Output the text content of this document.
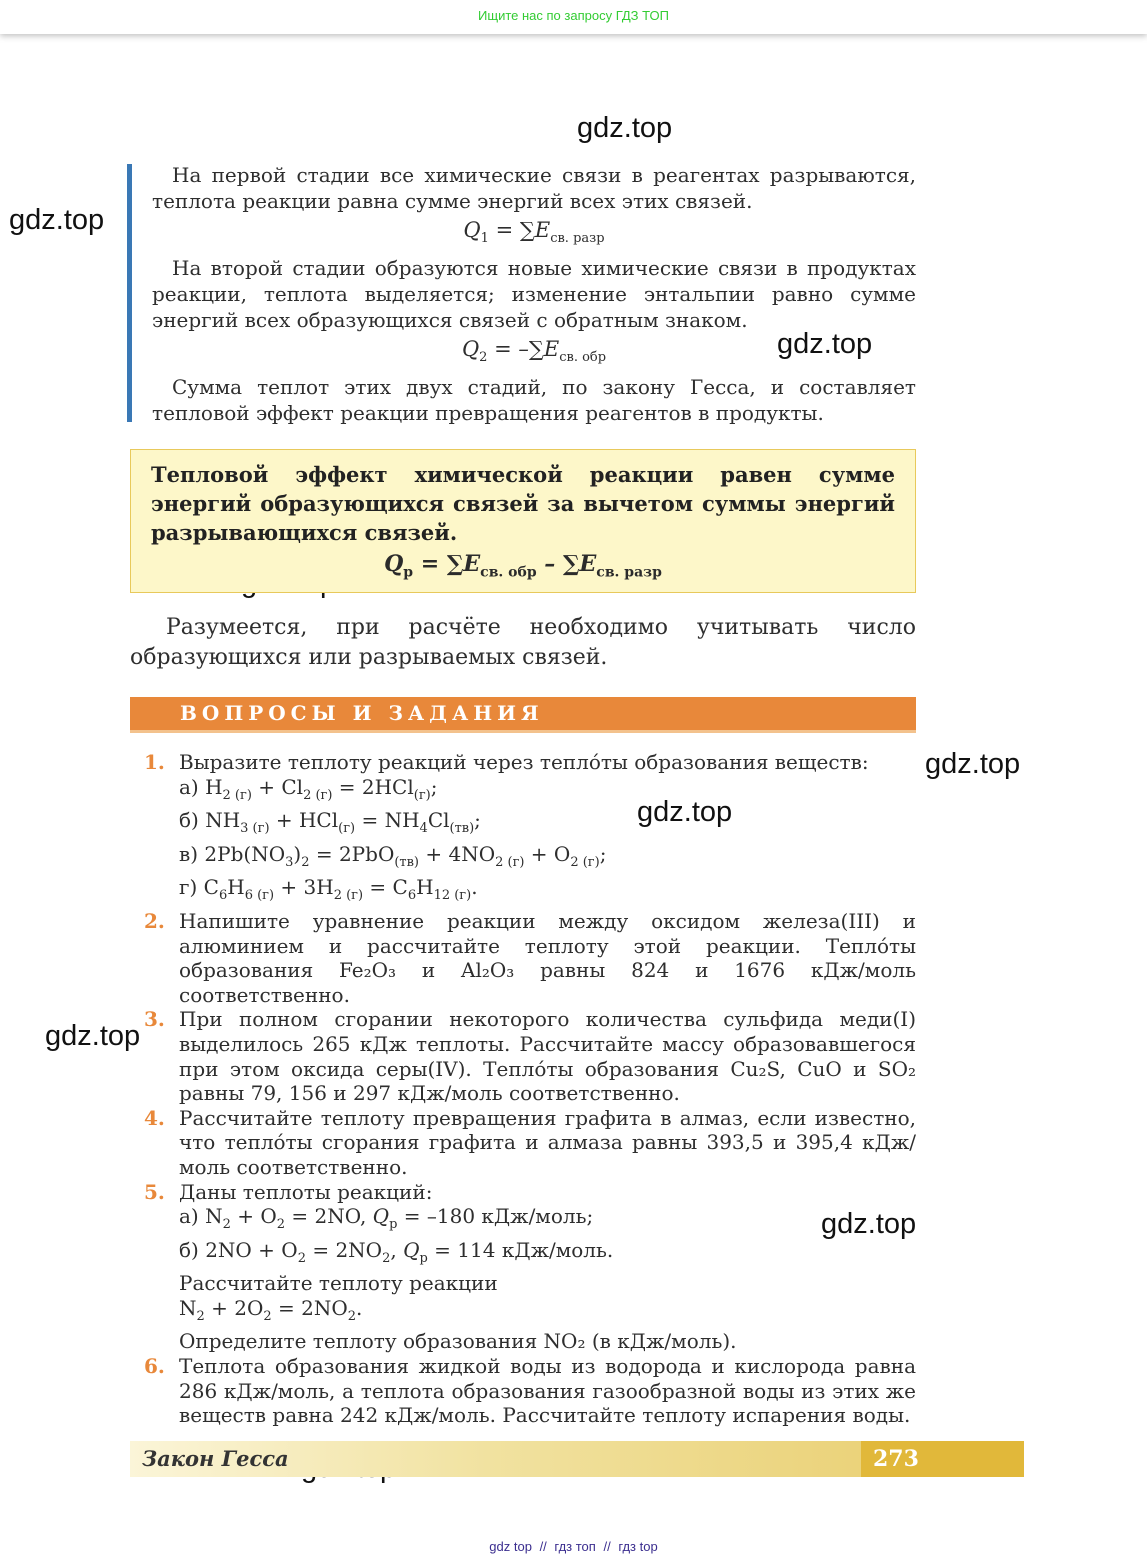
Ищите нас по запросу ГДЗ ТОП
gdz.top
gdz.top
gdz.top
gdz.top
gdz.top
gdz.top
gdz.top

На первой стадии все химические связи в реагентах разрываются, теплота реакции равна сумме энергий всех этих связей.

$Q_1 = \sum E_{св. разр}$

На второй стадии образуются новые химические связи в продуктах реакции, теплота выделяется; изменение энтальпии равно сумме энергий всех образующихся связей с обратным знаком.

$Q_2 = -\sum E_{св. обр}$

Сумма теплот этих двух стадий, по закону Гесса, и составляет тепловой эффект реакции превращения реагентов в продукты.

Тепловой эффект химической реакции равен сумме энергий образующихся связей за вычетом суммы энергий разрывающихся связей.

$Q_р = \sum E_{св. обр} - \sum E_{св. разр}$

Разумеется, при расчёте необходимо учитывать число образующихся или разрываемых связей.

ВОПРОСЫ И ЗАДАНИЯ
1. Выразите теплоту реакций через тепло́ты образования веществ:
а) $H_{2 (г)} + Cl_{2 (г)} = 2HCl_{(г)}$;
б) $NH_{3 (г)} + HCl_{(г)} = NH_4Cl_{(тв)}$;
в) $2Pb(NO_3)_2 = 2PbO_{(тв)} + 4NO_{2 (г)} + O_{2 (г)}$;
г) $C_6H_{6 (г)} + 3H_{2 (г)} = C_6H_{12 (г)}$.
2. Напишите уравнение реакции между оксидом железа(III) и алюминием и рассчитайте теплоту этой реакции. Тепло́ты образования Fe₂O₃ и Al₂O₃ равны 824 и 1676 кДж/моль соответственно.
3. При полном сгорании некоторого количества сульфида меди(I) выделилось 265 кДж теплоты. Рассчитайте массу образовавшегося при этом оксида серы(IV). Тепло́ты образования Cu₂S, CuO и SO₂ равны 79, 156 и 297 кДж/моль соответственно.
4. Рассчитайте теплоту превращения графита в алмаз, если известно, что тепло́ты сгорания графита и алмаза равны 393,5 и 395,4 кДж/моль соответственно.
5. Даны теплоты реакций:
а) $N_2 + O_2 = 2NO$, $Q_р = -180$ кДж/моль;
б) $2NO + O_2 = 2NO_2$, $Q_р = 114$ кДж/моль.
Рассчитайте теплоту реакции
$N_2 + 2O_2 = 2NO_2$.
Определите теплоту образования NO₂ (в кДж/моль).
6. Теплота образования жидкой воды из водорода и кислорода равна 286 кДж/моль, а теплота образования газообразной воды из этих же веществ равна 242 кДж/моль. Рассчитайте теплоту испарения воды.
Закон Гесса	273
gdz top // гдз топ // гдз top
